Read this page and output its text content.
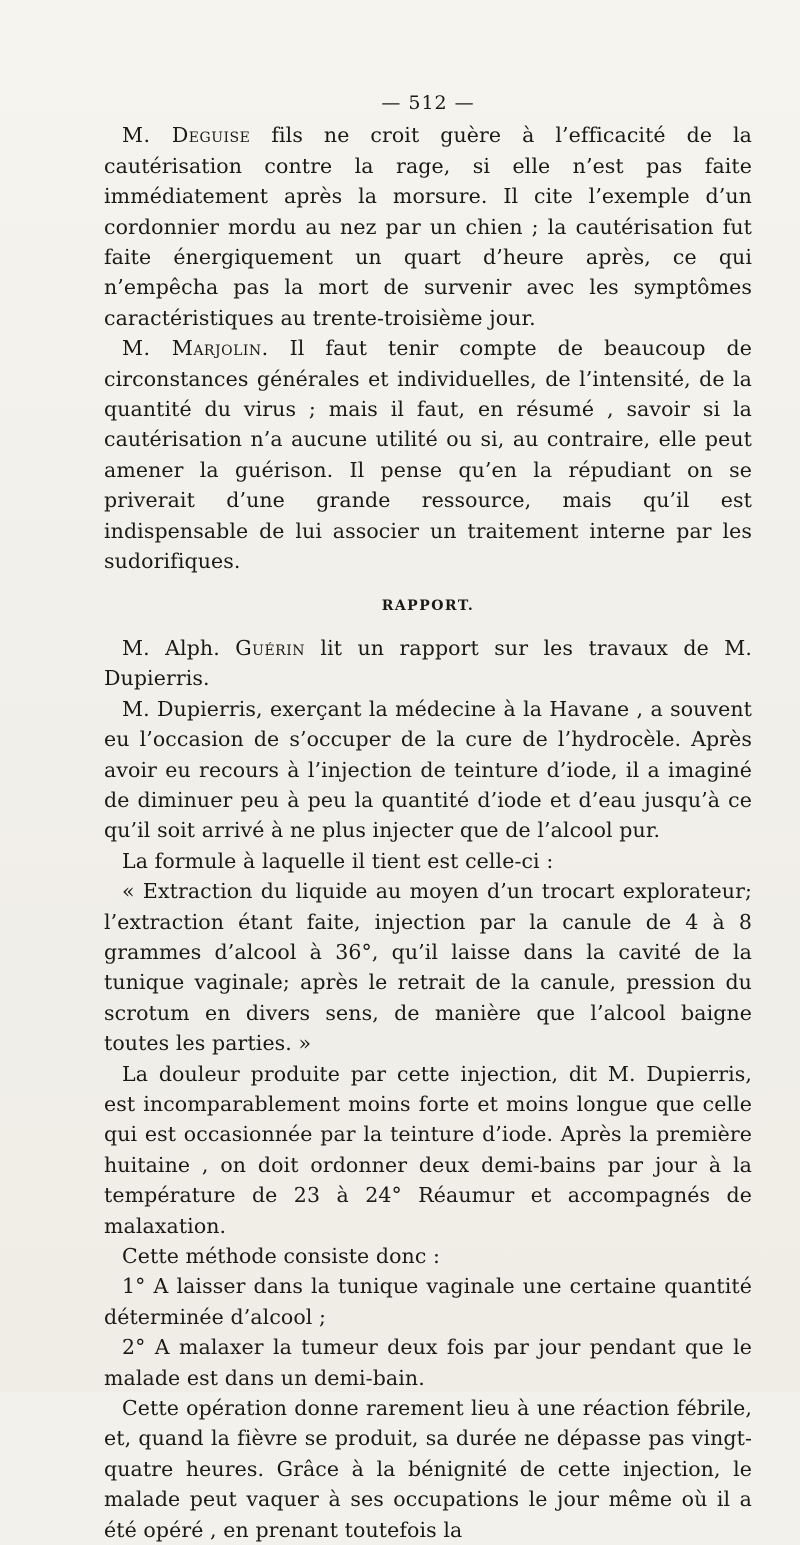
— 512 —

M. Deguise fils ne croit guère à l’efficacité de la cautérisation contre la rage, si elle n’est pas faite immédiatement après la morsure. Il cite l’exemple d’un cordonnier mordu au nez par un chien ; la cautérisation fut faite énergiquement un quart d’heure après, ce qui n’empêcha pas la mort de survenir avec les symptômes caractéristiques au trente-troisième jour.

M. Marjolin. Il faut tenir compte de beaucoup de circonstances générales et individuelles, de l’intensité, de la quantité du virus ; mais il faut, en résumé , savoir si la cautérisation n’a aucune utilité ou si, au contraire, elle peut amener la guérison. Il pense qu’en la répudiant on se priverait d’une grande ressource, mais qu’il est indispensable de lui associer un traitement interne par les sudorifiques.

RAPPORT.

M. Alph. Guérin lit un rapport sur les travaux de M. Dupierris.

M. Dupierris, exerçant la médecine à la Havane , a souvent eu l’occasion de s’occuper de la cure de l’hydrocèle. Après avoir eu recours à l’injection de teinture d’iode, il a imaginé de diminuer peu à peu la quantité d’iode et d’eau jusqu’à ce qu’il soit arrivé à ne plus injecter que de l’alcool pur.

La formule à laquelle il tient est celle-ci :

« Extraction du liquide au moyen d’un trocart explorateur; l’extraction étant faite, injection par la canule de 4 à 8 grammes d’alcool à 36°, qu’il laisse dans la cavité de la tunique vaginale; après le retrait de la canule, pression du scrotum en divers sens, de manière que l’alcool baigne toutes les parties. »

La douleur produite par cette injection, dit M. Dupierris, est incomparablement moins forte et moins longue que celle qui est occasionnée par la teinture d’iode. Après la première huitaine , on doit ordonner deux demi-bains par jour à la température de 23 à 24° Réaumur et accompagnés de malaxation.

Cette méthode consiste donc :

1° A laisser dans la tunique vaginale une certaine quantité déterminée d’alcool ;

2° A malaxer la tumeur deux fois par jour pendant que le malade est dans un demi-bain.

Cette opération donne rarement lieu à une réaction fébrile, et, quand la fièvre se produit, sa durée ne dépasse pas vingt-quatre heures. Grâce à la bénignité de cette injection, le malade peut vaquer à ses occupations le jour même où il a été opéré , en prenant toutefois la
